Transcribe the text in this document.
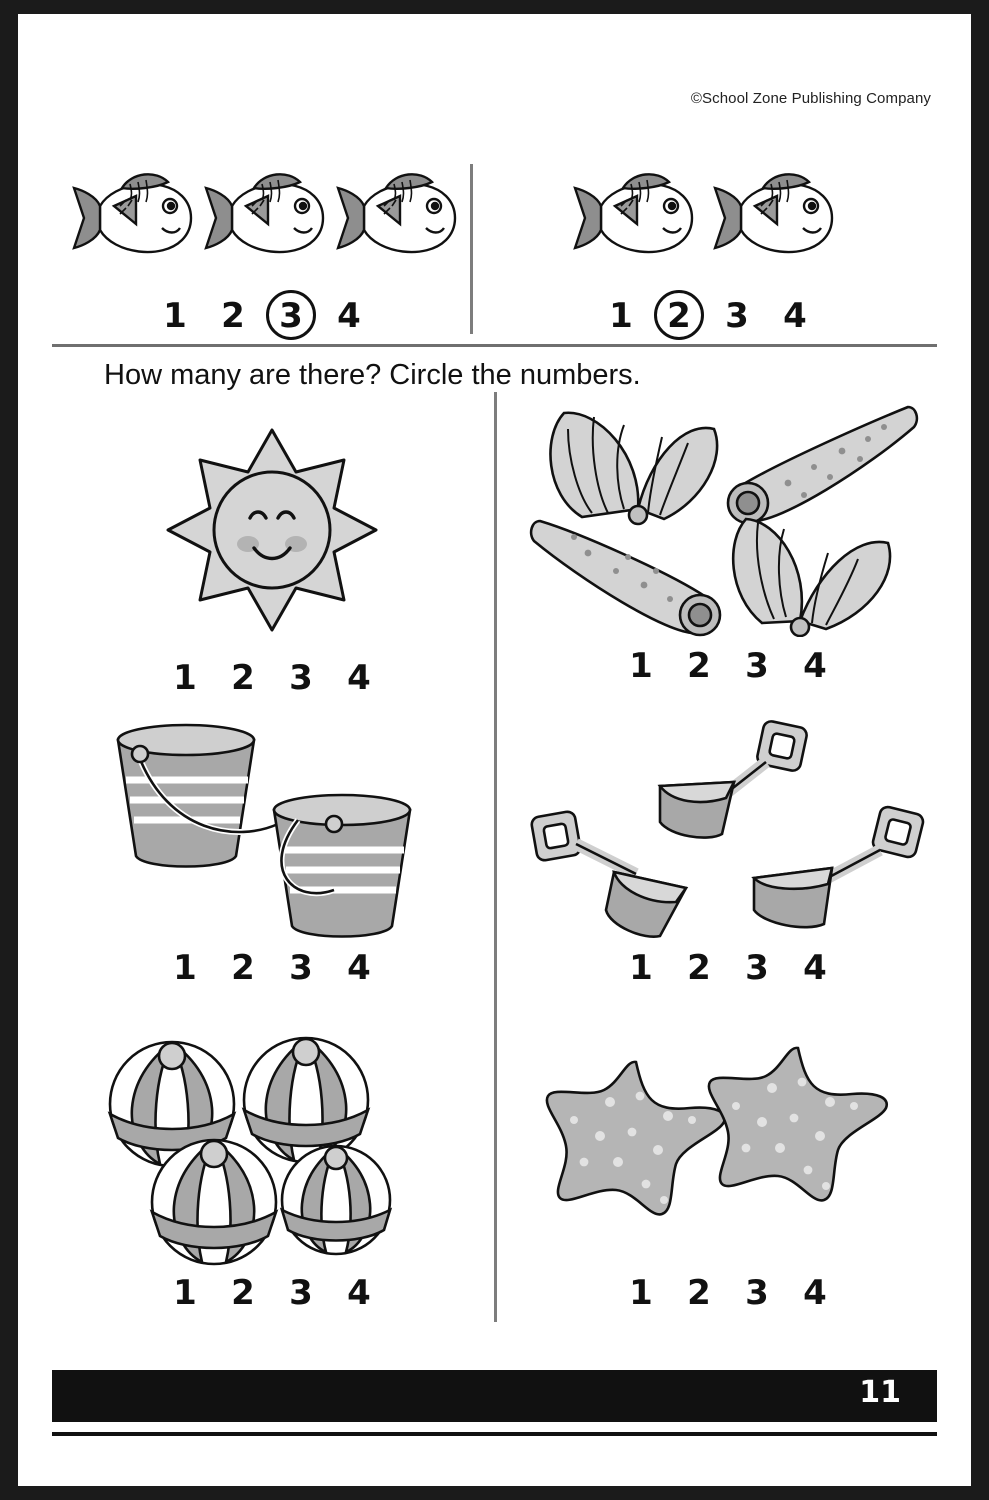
©School Zone Publishing Company
1	2	3	4	1	2	3	4
How many are there? Circle the numbers.
1	2	3	4	1	2	3	4
1	2	3	4	1	2	3	4
1	2	3	4	1	2	3	4
11
